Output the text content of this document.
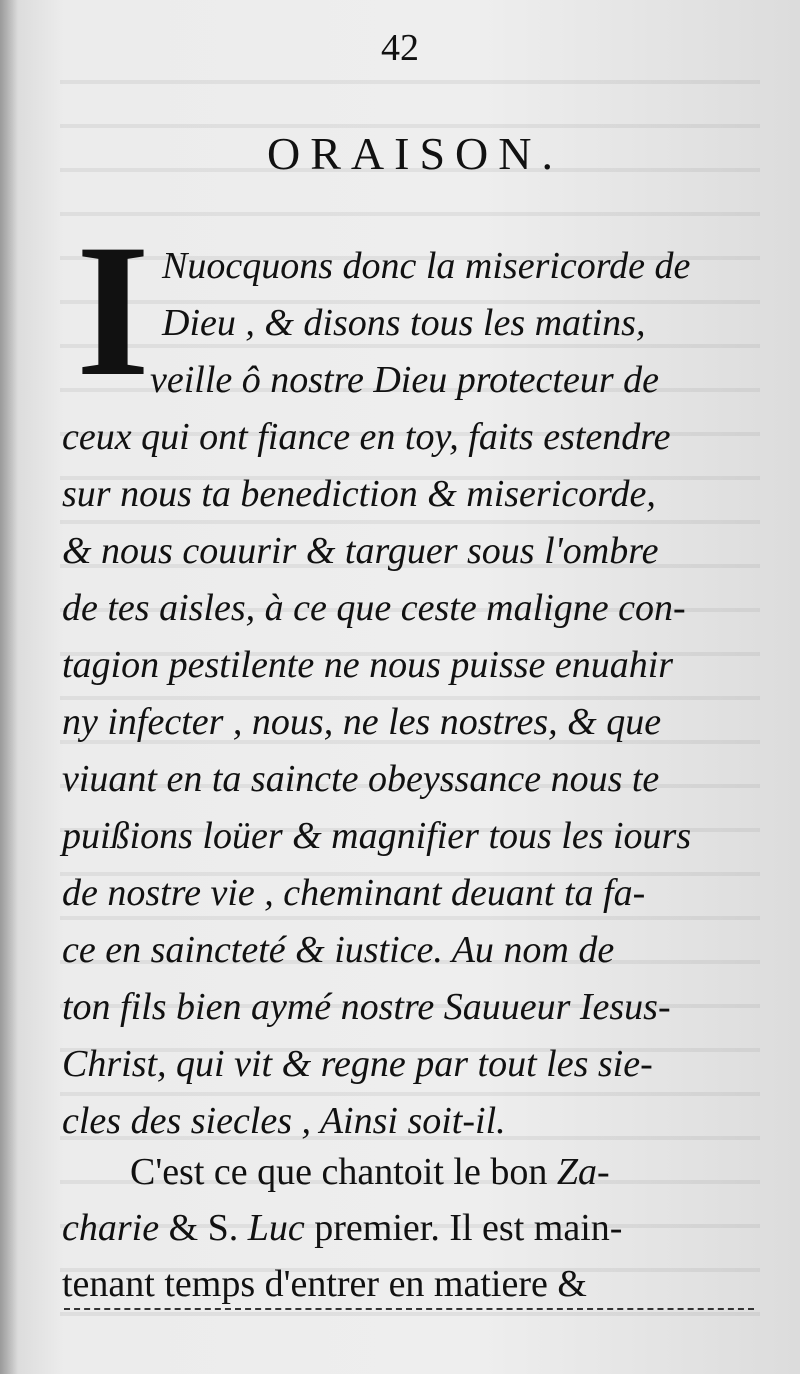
42
ORAISON.
I Nuocquons donc la misericorde de
Dieu , & disons tous les matins,
veille ô nostre Dieu protecteur de
ceux qui ont fiance en toy, faits estendre
sur nous ta benediction & misericorde,
& nous couurir & targuer sous l'ombre
de tes aisles, à ce que ceste maligne con-
tagion pestilente ne nous puisse enuahir
ny infecter , nous, ne les nostres, & que
viuant en ta saincte obeyssance nous te
puißions loüer & magnifier tous les iours
de nostre vie , cheminant deuant ta fa-
ce en saincteté & iustice. Au nom de
ton fils bien aymé nostre Sauueur Iesus-
Christ, qui vit & regne par tout les sie-
cles des siecles , Ainsi soit-il.
C'est ce que chantoit le bon Za-
charie & S. Luc premier. Il est main-
tenant temps d'entrer en matiere &
